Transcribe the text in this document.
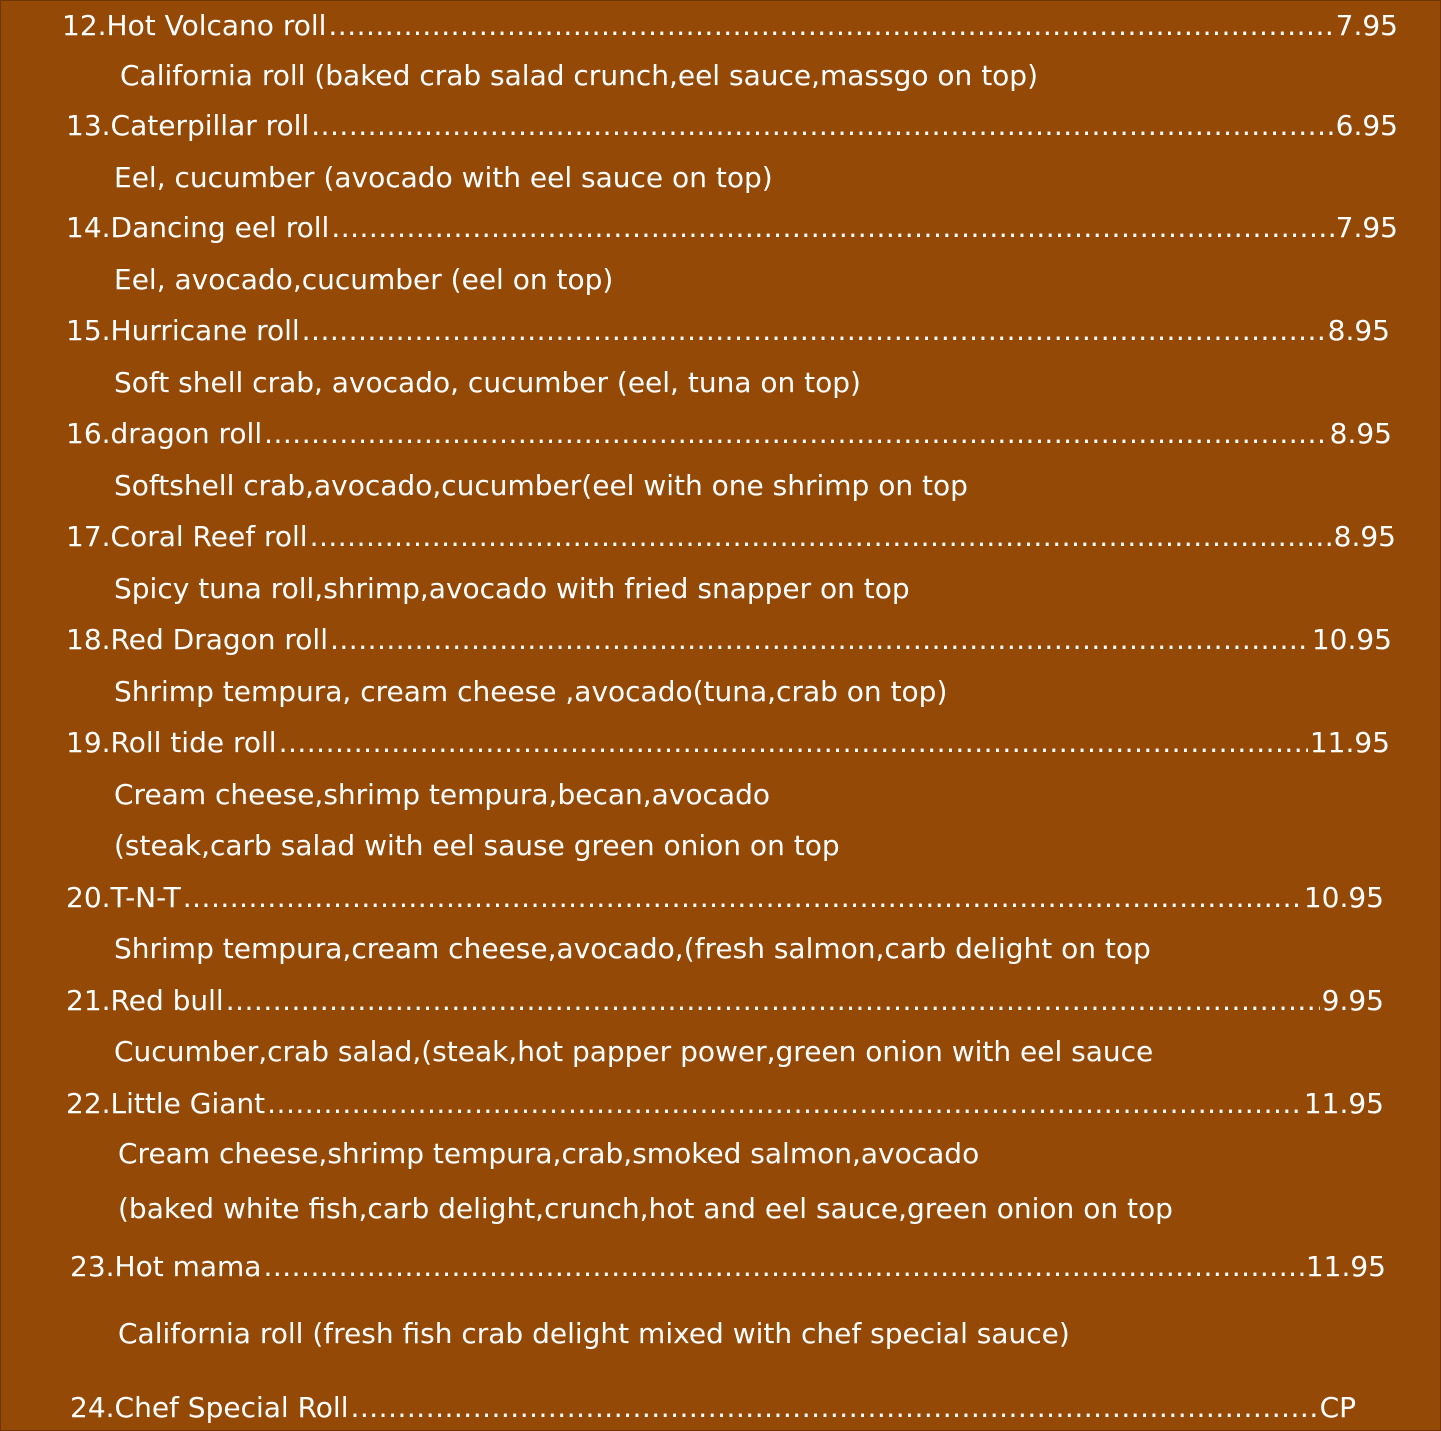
12.Hot Volcano roll .....	7.95
California roll (baked crab salad crunch,eel sauce,massgo on top)
13.Caterpillar roll .....	6.95
Eel, cucumber (avocado with eel sauce on top)
14.Dancing eel roll .....	7.95
Eel, avocado,cucumber (eel on top)
15.Hurricane roll .....	8.95
Soft shell crab, avocado, cucumber (eel, tuna on top)
16.dragon roll .....	8.95
Softshell crab,avocado,cucumber(eel with one shrimp on top
17.Coral Reef roll .....	8.95
Spicy tuna roll,shrimp,avocado with fried snapper on top
18.Red Dragon roll .....	10.95
Shrimp tempura, cream cheese ,avocado(tuna,crab on top)
19.Roll tide roll .....	11.95
Cream cheese,shrimp tempura,becan,avocado
(steak,carb salad with eel sause green onion on top
20.T-N-T .....	10.95
Shrimp tempura,cream cheese,avocado,(fresh salmon,carb delight on top
21.Red bull .....	9.95
Cucumber,crab salad,(steak,hot papper power,green onion with eel sauce
22.Little Giant .....	11.95
Cream cheese,shrimp tempura,crab,smoked salmon,avocado
(baked white fish,carb delight,crunch,hot and eel sauce,green onion on top
23.Hot mama .....	11.95
California roll (fresh fish crab delight mixed with chef special sauce)
24.Chef Special Roll .....	CP
